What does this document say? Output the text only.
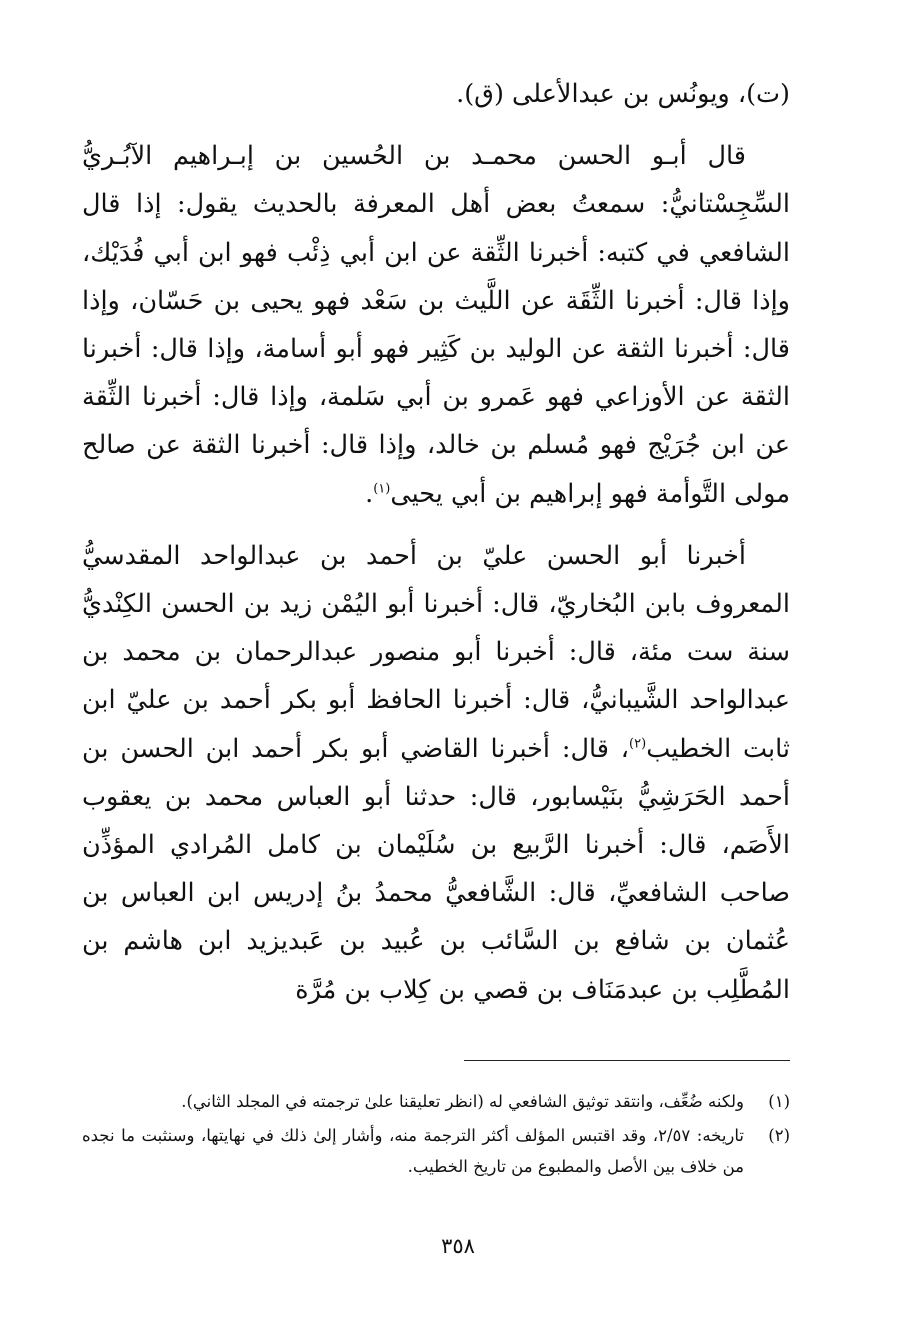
(ت)، ويونُس بن عبدالأعلى (ق).

قال أبـو الحسن محمـد بن الحُسين بن إبـراهيم الآبُـريُّ السِّجِسْتانيُّ: سمعتُ بعض أهل المعرفة بالحديث يقول: إذا قال الشافعي في كتبه: أخبرنا الثِّقة عن ابن أبي ذِئْب فهو ابن أبي فُدَيْك، وإذا قال: أخبرنا الثِّقَة عن اللَّيث بن سَعْد فهو يحيى بن حَسّان، وإذا قال: أخبرنا الثقة عن الوليد بن كَثِير فهو أبو أسامة، وإذا قال: أخبرنا الثقة عن الأوزاعي فهو عَمرو بن أبي سَلمة، وإذا قال: أخبرنا الثِّقة عن ابن جُرَيْج فهو مُسلم بن خالد، وإذا قال: أخبرنا الثقة عن صالح مولى التَّوأمة فهو إبراهيم بن أبي يحيى$^{(١)}$.

أخبرنا أبو الحسن عليّ بن أحمد بن عبدالواحد المقدسيُّ المعروف بابن البُخاريّ، قال: أخبرنا أبو اليُمْن زيد بن الحسن الكِنْديُّ سنة ست مئة، قال: أخبرنا أبو منصور عبدالرحمان بن محمد بن عبدالواحد الشَّيبانيُّ، قال: أخبرنا الحافظ أبو بكر أحمد بن عليّ ابن ثابت الخطيب$^{(٢)}$، قال: أخبرنا القاضي أبو بكر أحمد ابن الحسن بن أحمد الحَرَشِيُّ بنَيْسابور، قال: حدثنا أبو العباس محمد بن يعقوب الأَصَم، قال: أخبرنا الرَّبيع بن سُلَيْمان بن كامل المُرادي المؤذِّن صاحب الشافعيِّ، قال: الشَّافعيُّ محمدُ بنُ إدريس ابن العباس بن عُثمان بن شافع بن السَّائب بن عُبيد بن عَبديزيد ابن هاشم بن المُطَّلِب بن عبدمَنَاف بن قصي بن كِلاب بن مُرَّة

(١)
ولكنه ضُعِّف، وانتقد توثيق الشافعي له (انظر تعليقنا علىٰ ترجمته في المجلد الثاني).
(٢)
تاريخه: ٢/٥٧، وقد اقتبس المؤلف أكثر الترجمة منه، وأشار إلىٰ ذلك في نهايتها، وسنثبت ما نجده من خلاف بين الأصل والمطبوع من تاريخ الخطيب.
٣٥٨
